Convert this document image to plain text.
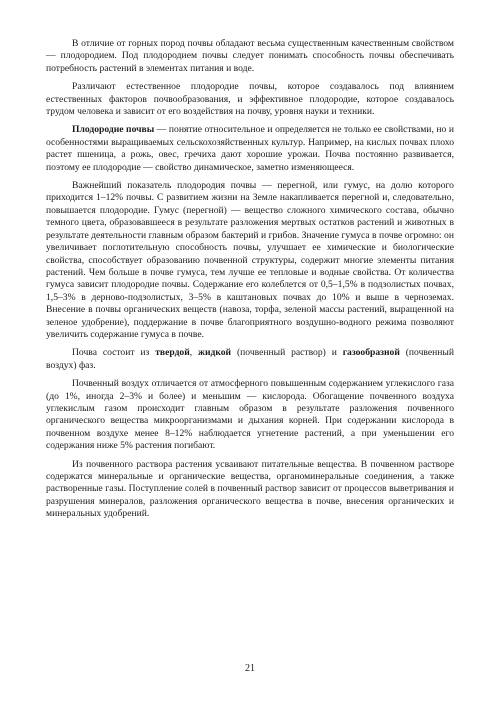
В отличие от горных пород почвы обладают весьма существенным качественным свойством — плодородием. Под плодородием почвы следует понимать способность почвы обеспечивать потребность растений в элементах питания и воде.

Различают естественное плодородие почвы, которое создавалось под влиянием естественных факторов почвообразования, и эффективное плодородие, которое создавалось трудом человека и зависит от его воздействия на почву, уровня науки и техники.

Плодородие почвы — понятие относительное и определяется не только ее свойствами, но и особенностями выращиваемых сельскохозяйственных культур. Например, на кислых почвах плохо растет пшеница, а рожь, овес, гречиха дают хорошие урожаи. Почва постоянно развивается, поэтому ее плодородие — свойство динамическое, заметно изменяющееся.

Важнейший показатель плодородия почвы — перегной, или гумус, на долю которого приходится 1–12% почвы. С развитием жизни на Земле накапливается перегной и, следовательно, повышается плодородие. Гумус (перегной) — вещество сложного химического состава, обычно темного цвета, образовавшееся в результате разложения мертвых остатков растений и животных в результате деятельности главным образом бактерий и грибов. Значение гумуса в почве огромно: он увеличивает поглотительную способность почвы, улучшает ее химические и биологические свойства, способствует образованию почвенной структуры, содержит многие элементы питания растений. Чем больше в почве гумуса, тем лучше ее тепловые и водные свойства. От количества гумуса зависит плодородие почвы. Содержание его колеблется от 0,5–1,5% в подзолистых почвах, 1,5–3% в дерново-подзолистых, 3–5% в каштановых почвах до 10% и выше в черноземах. Внесение в почвы органических веществ (навоза, торфа, зеленой массы растений, выращенной на зеленое удобрение), поддержание в почве благоприятного воздушно-водного режима позволяют увеличить содержание гумуса в почве.

Почва состоит из твердой, жидкой (почвенный раствор) и газообразной (почвенный воздух) фаз.

Почвенный воздух отличается от атмосферного повышенным содержанием углекислого газа (до 1%, иногда 2–3% и более) и меньшим — кислорода. Обогащение почвенного воздуха углекислым газом происходит главным образом в результате разложения почвенного органического вещества микроорганизмами и дыхания корней. При содержании кислорода в почвенном воздухе менее 8–12% наблюдается угнетение растений, а при уменьшении его содержания ниже 5% растения погибают.

Из почвенного раствора растения усваивают питательные вещества. В почвенном растворе содержатся минеральные и органические вещества, органоминеральные соединения, а также растворенные газы. Поступление солей в почвенный раствор зависит от процессов выветривания и разрушения минералов, разложения органического вещества в почве, внесения органических и минеральных удобрений.

21
